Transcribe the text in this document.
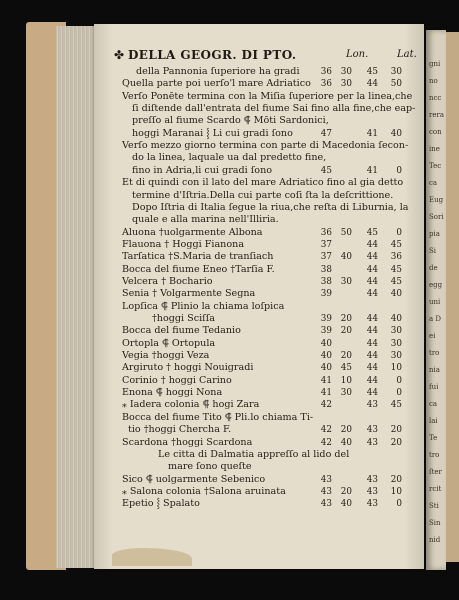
gni
no
ncc
rera
con
ine
Tec
ca
Eug
Sori
pia
Si
de
egg
uni
a D
ei
tro
nia
fui
ca
lai
Te
tro
ſter
rcit
Sti
Sin
nid
✤ DELLA GEOGR. DI PTO.	Lon.	Lat.
della Pannonia ſuperiore ha gradi	36 30	45	30
Quella parte poi uerſo'l mare Adriatico	36 30	44	50
Verſo Ponēte termina con la Miſia ſuperiore per la linea,che
ſi diſtende dall'entrata del fiume Sai fino alla fine,che eap-
preſſo al fiume Scardo ⸿ Mōti Sardonici,
hoggi Maranai ⸾ Li cui gradi ſono	47	41	40
Verſo mezzo giorno termina con parte di Macedonia ſecon-
do la linea, laquale ua dal predetto fine,
fino in Adria,li cui gradi ſono	45	41	0
Et di quindi con il lato del mare Adriatico fino al gia detto
termine d'Iſtria.Della cui parte coſi ſta la deſcrittione.
Dopo Iſtria di Italia ſegue la riua,che reſta di Liburnia, la
quale e alla marina nell'Illiria.
Aluona †uolgarmente Albona	36 50	45	0
Flauona † Hoggi Fianona	37	44	45
Tarſatica †S.Maria de tranſiach	37 40	44	36
Bocca del fiume Eneo †Tarſia F.	38	44	45
Velcera † Bochario	38 30	44	45
Senia † Volgarmente Segna	39	44	40
Lopſica ⸿ Plinio la chiama loſpica
†hoggi Sciſſa	39 20	44	40
Bocca del fiume Tedanio	39 20	44	30
Ortopla ⸿ Ortopula	40	44	30
Vegia †hoggi Veza	40 20	44	30
Argiruto † hoggi Nouigradi	40 45	44	10
Corinio † hoggi Carino	41 10	44	0
Enona ⸿ hoggi Nona	41 30	44	0
⁎ Iadera colonia ⸿ hogi Zara	42	43	45
Bocca del fiume Tito ⸿ Pli.lo chiama Ti-
tio †hoggi Chercha F.	42 20	43	20
Scardona †hoggi Scardona	42 40	43	20
Le citta di Dalmatia appreſſo al lido del
mare ſono queſte
Sico ⸿ uolgarmente Sebenico	43	43	20
⁎ Salona colonia †Salona aruinata	43 20	43	10
Epetio ⸾ Spalato	43 40	43	0
